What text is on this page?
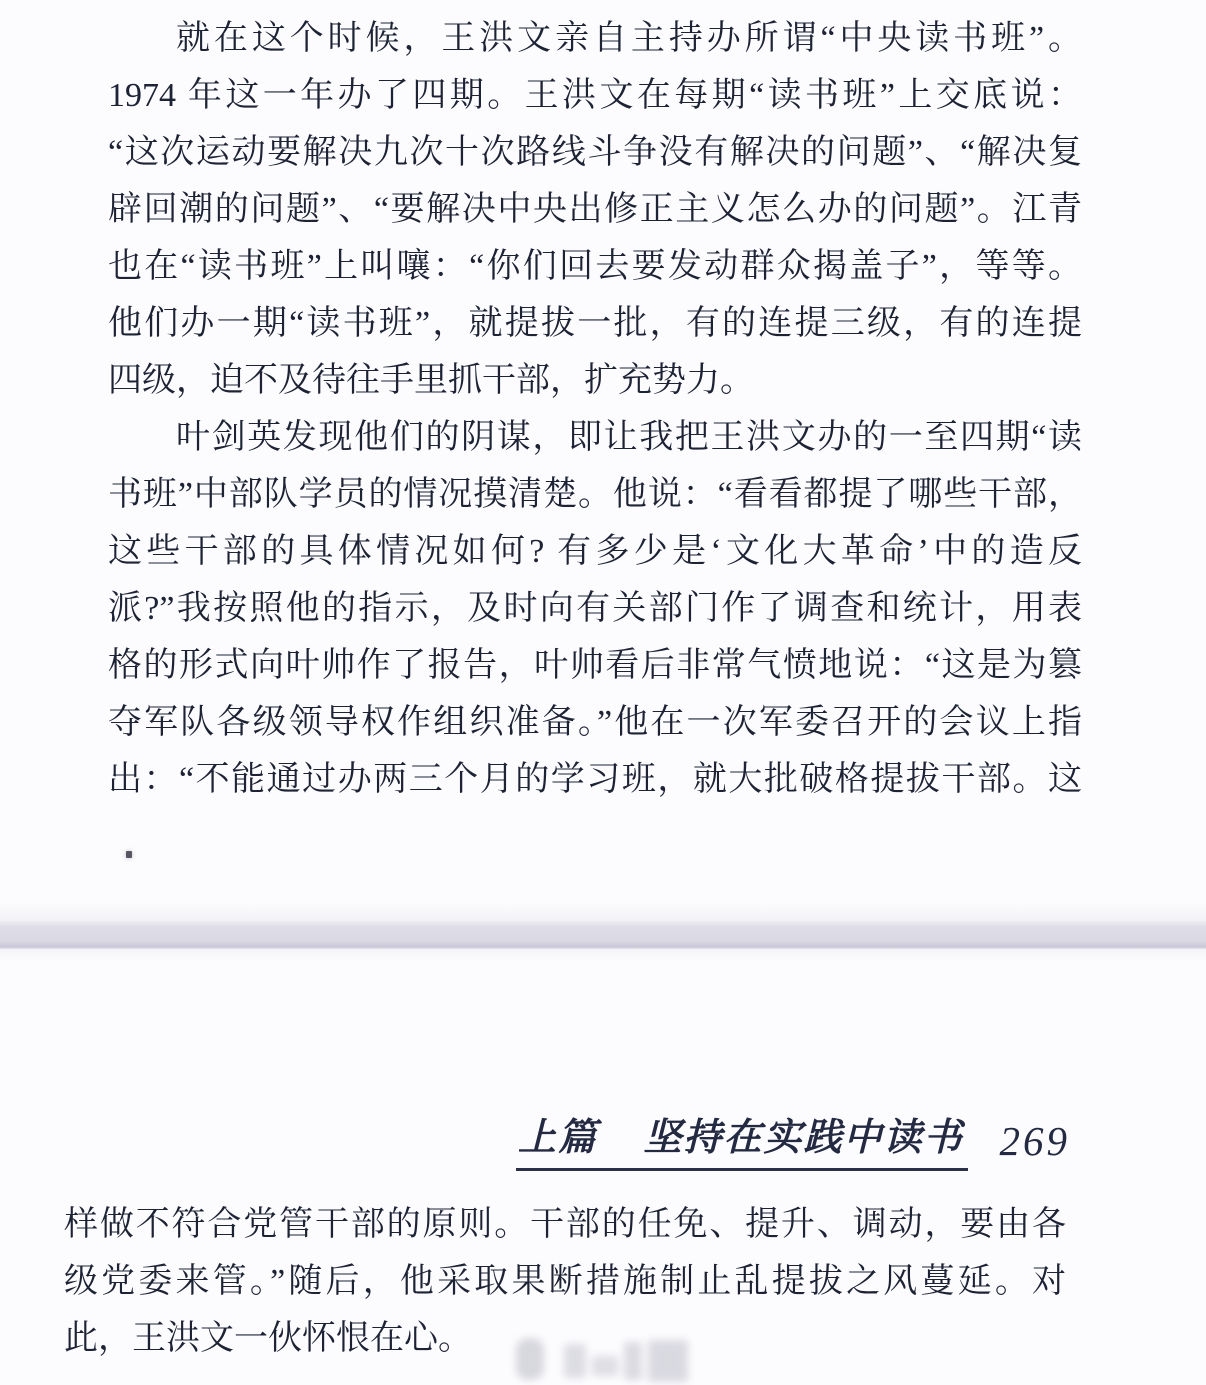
就在这个时候，王洪文亲自主持办所谓“中央读书班”。
1974 年这一年办了四期。王洪文在每期“读书班”上交底说：
“这次运动要解决九次十次路线斗争没有解决的问题”、“解决复
辟回潮的问题”、“要解决中央出修正主义怎么办的问题”。江青
也在“读书班”上叫嚷：“你们回去要发动群众揭盖子”，等等。
他们办一期“读书班”，就提拔一批，有的连提三级，有的连提
四级，迫不及待往手里抓干部，扩充势力。
叶剑英发现他们的阴谋，即让我把王洪文办的一至四期“读
书班”中部队学员的情况摸清楚。他说：“看看都提了哪些干部，
这些干部的具体情况如何? 有多少是‘文化大革命’中的造反
派?”我按照他的指示，及时向有关部门作了调查和统计，用表
格的形式向叶帅作了报告，叶帅看后非常气愤地说：“这是为篡
夺军队各级领导权作组织准备。”他在一次军委召开的会议上指
出：“不能通过办两三个月的学习班，就大批破格提拔干部。这
上篇 坚持在实践中读书 269
样做不符合党管干部的原则。干部的任免、提升、调动，要由各
级党委来管。”随后，他采取果断措施制止乱提拔之风蔓延。对
此，王洪文一伙怀恨在心。
